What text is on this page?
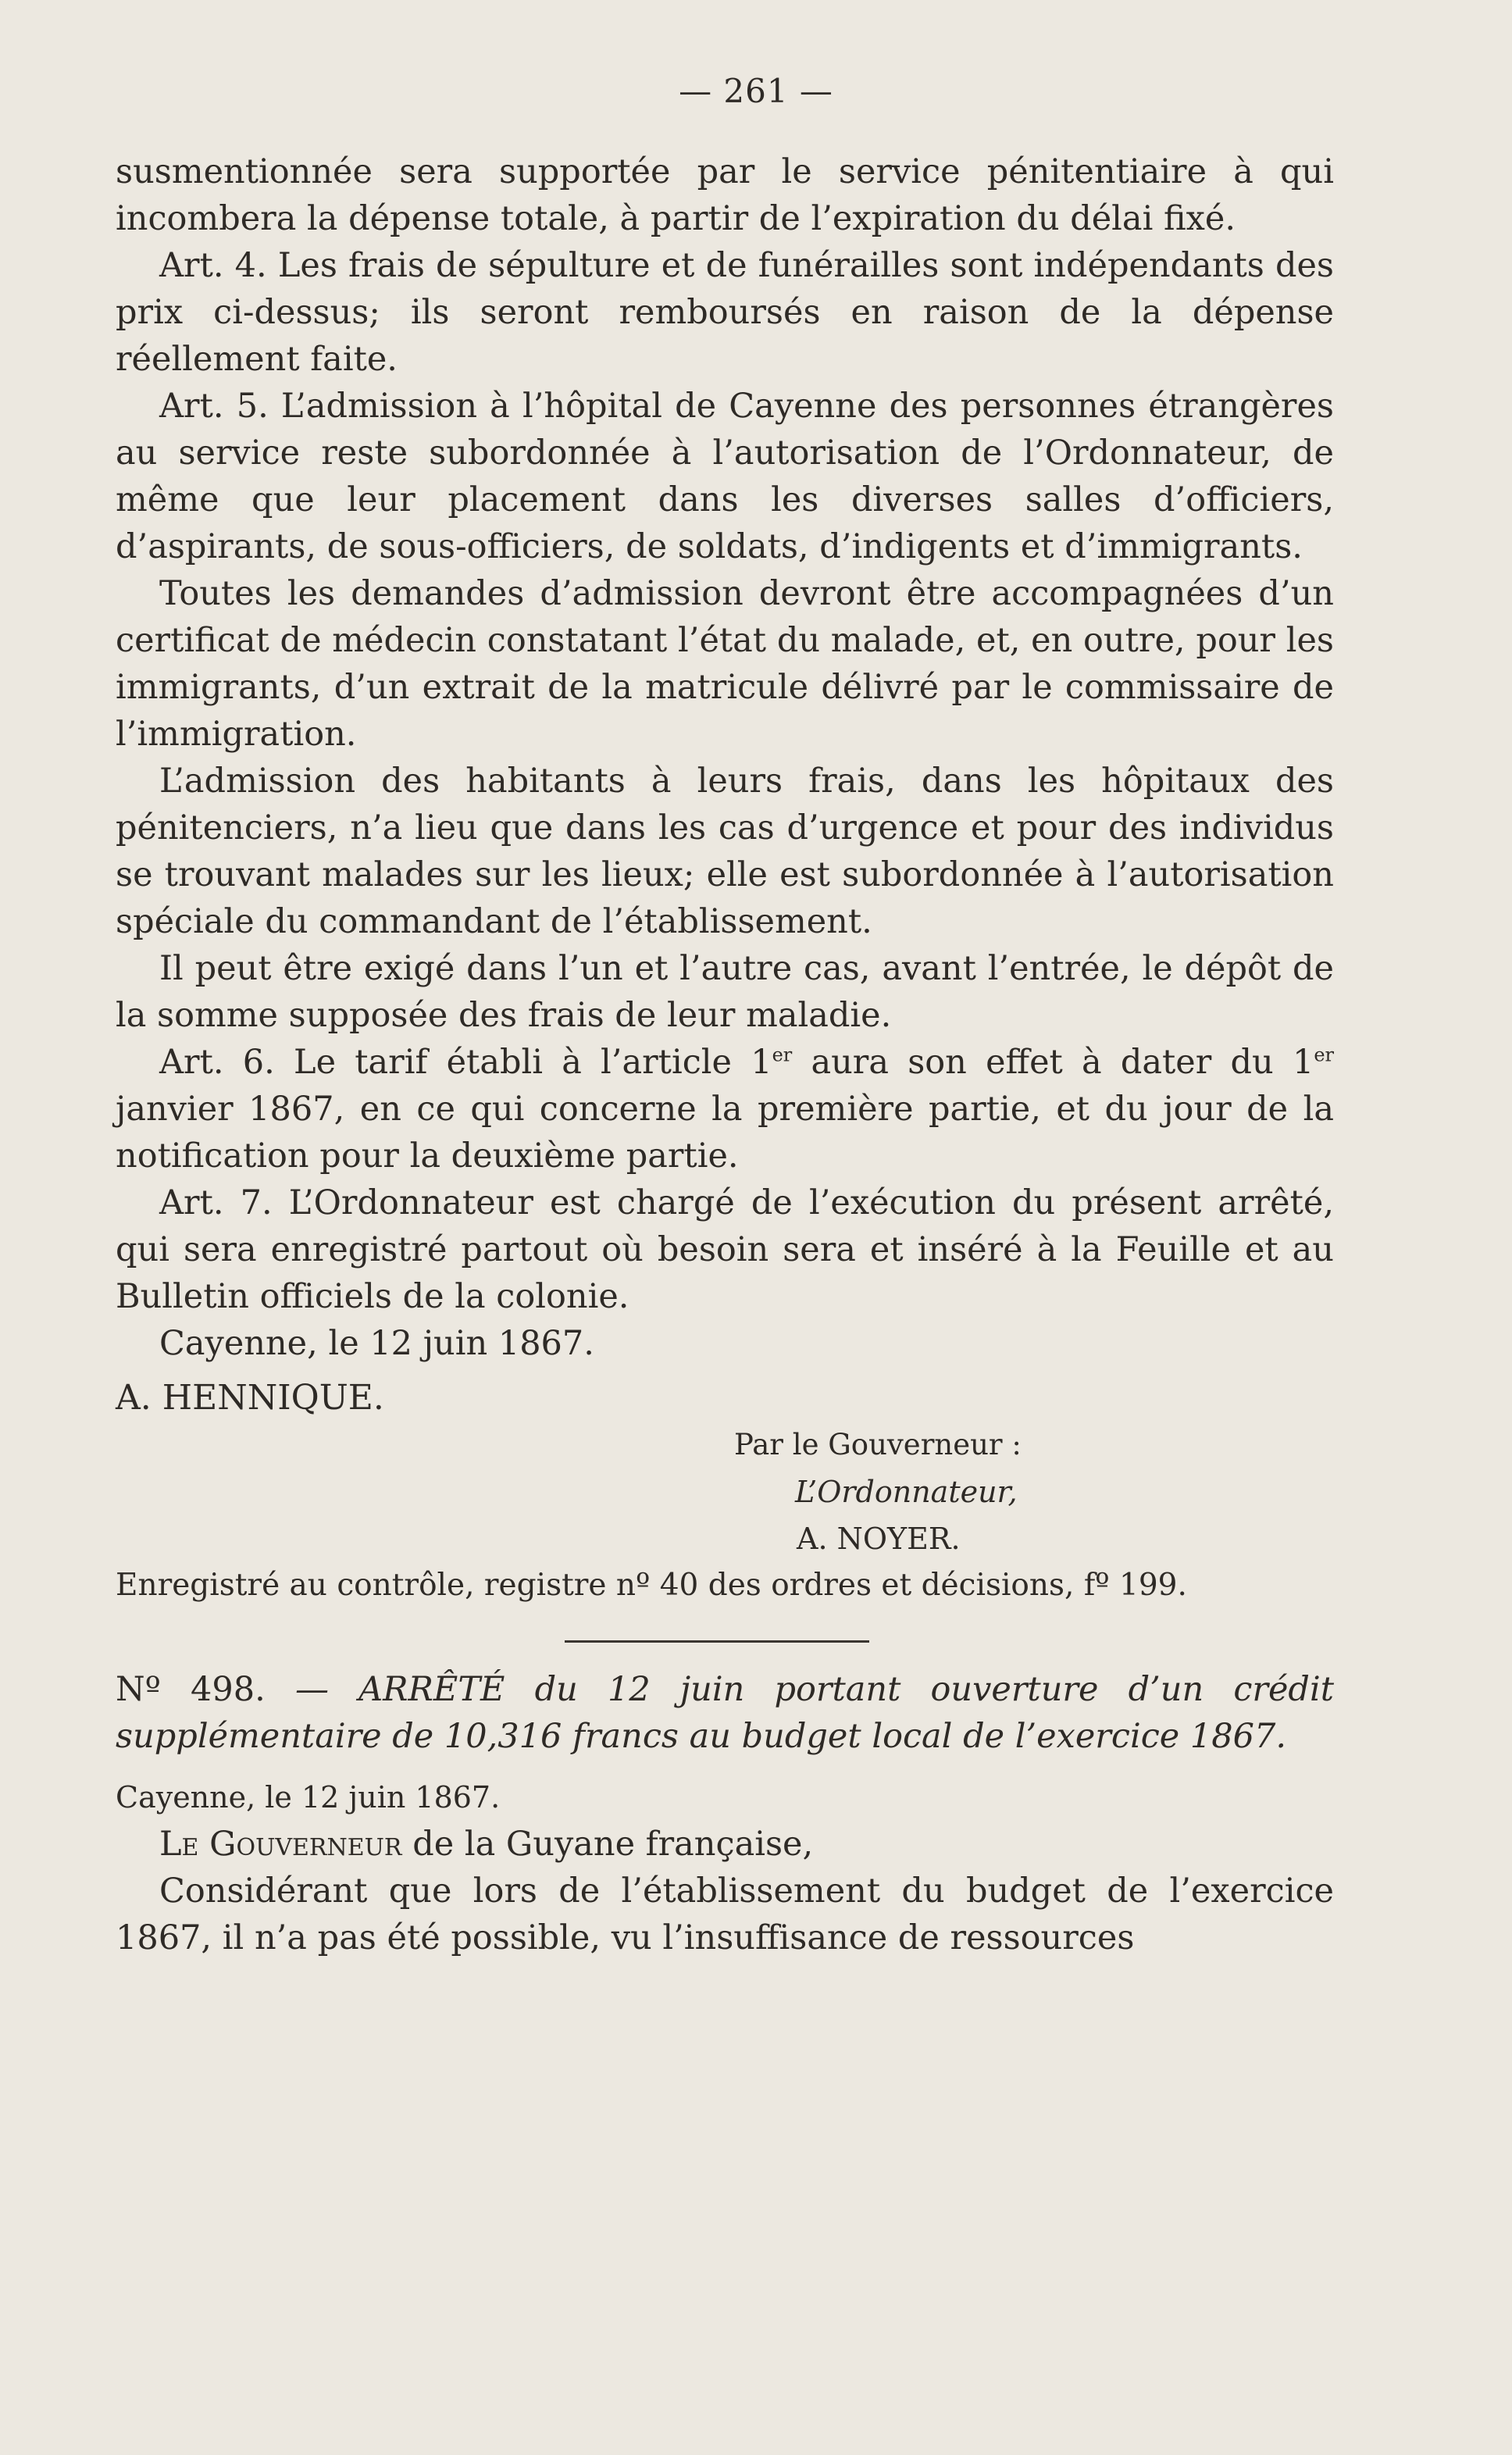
— 261 —

susmentionnée sera supportée par le service pénitentiaire à qui incombera la dépense totale, à partir de l’expiration du délai fixé.

Art. 4. Les frais de sépulture et de funérailles sont indépendants des prix ci-dessus; ils seront remboursés en raison de la dépense réellement faite.

Art. 5. L’admission à l’hôpital de Cayenne des personnes étrangères au service reste subordonnée à l’autorisation de l’Ordonnateur, de même que leur placement dans les diverses salles d’officiers, d’aspirants, de sous-officiers, de soldats, d’indigents et d’immigrants.

Toutes les demandes d’admission devront être accompagnées d’un certificat de médecin constatant l’état du malade, et, en outre, pour les immigrants, d’un extrait de la matricule délivré par le commissaire de l’immigration.

L’admission des habitants à leurs frais, dans les hôpitaux des pénitenciers, n’a lieu que dans les cas d’urgence et pour des individus se trouvant malades sur les lieux; elle est subordonnée à l’autorisation spéciale du commandant de l’établissement.

Il peut être exigé dans l’un et l’autre cas, avant l’entrée, le dépôt de la somme supposée des frais de leur maladie.

Art. 6. Le tarif établi à l’article 1er aura son effet à dater du 1er janvier 1867, en ce qui concerne la première partie, et du jour de la notification pour la deuxième partie.

Art. 7. L’Ordonnateur est chargé de l’exécution du présent arrêté, qui sera enregistré partout où besoin sera et inséré à la Feuille et au Bulletin officiels de la colonie.

Cayenne, le 12 juin 1867.

A. HENNIQUE.

Par le Gouverneur :

L’Ordonnateur,

A. NOYER.

Enregistré au contrôle, registre nº 40 des ordres et décisions, fº 199.

Nº 498. — ARRÊTÉ du 12 juin portant ouverture d’un crédit supplémentaire de 10,316 francs au budget local de l’exercice 1867.

Cayenne, le 12 juin 1867.

Le Gouverneur de la Guyane française,

Considérant que lors de l’établissement du budget de l’exercice 1867, il n’a pas été possible, vu l’insuffisance de ressources
